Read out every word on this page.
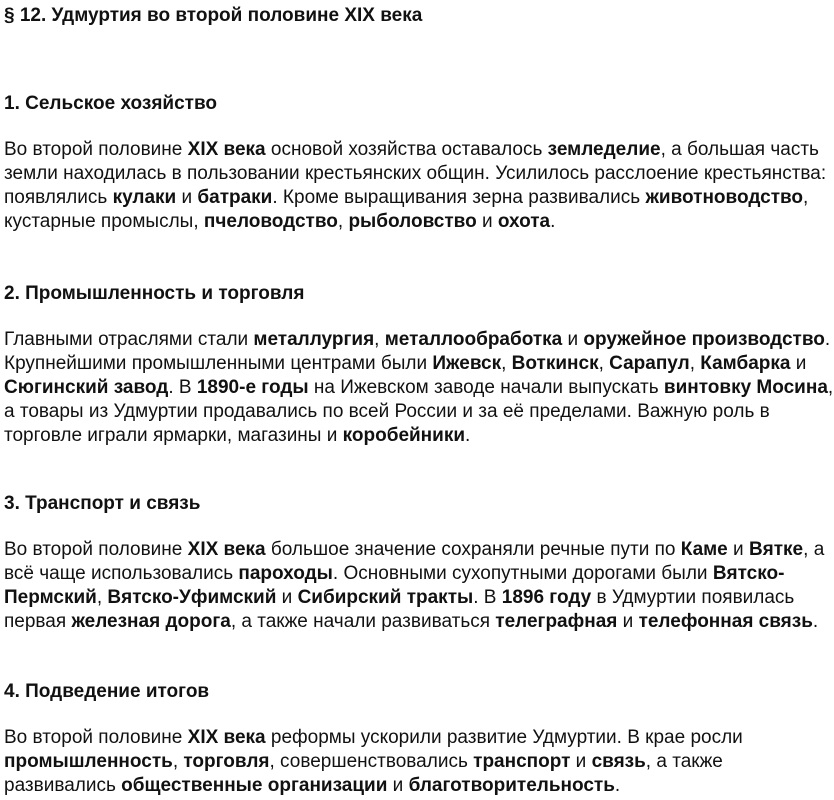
§ 12. Удмуртия во второй половине XIX века
1. Сельское хозяйство

Во второй половине XIX века основой хозяйства оставалось земледелие, а большая часть земли находилась в пользовании крестьянских общин. Усилилось расслоение крестьянства: появлялись кулаки и батраки. Кроме выращивания зерна развивались животноводство, кустарные промыслы, пчеловодство, рыболовство и охота.

2. Промышленность и торговля

Главными отраслями стали металлургия, металлообработка и оружейное производство. Крупнейшими промышленными центрами были Ижевск, Воткинск, Сарапул, Камбарка и Сюгинский завод. В 1890-е годы на Ижевском заводе начали выпускать винтовку Мосина, а товары из Удмуртии продавались по всей России и за её пределами. Важную роль в торговле играли ярмарки, магазины и коробейники.

3. Транспорт и связь

Во второй половине XIX века большое значение сохраняли речные пути по Каме и Вятке, а всё чаще использовались пароходы. Основными сухопутными дорогами были Вятско-Пермский, Вятско-Уфимский и Сибирский тракты. В 1896 году в Удмуртии появилась первая железная дорога, а также начали развиваться телеграфная и телефонная связь.

4. Подведение итогов

Во второй половине XIX века реформы ускорили развитие Удмуртии. В крае росли промышленность, торговля, совершенствовались транспорт и связь, а также развивались общественные организации и благотворительность.
